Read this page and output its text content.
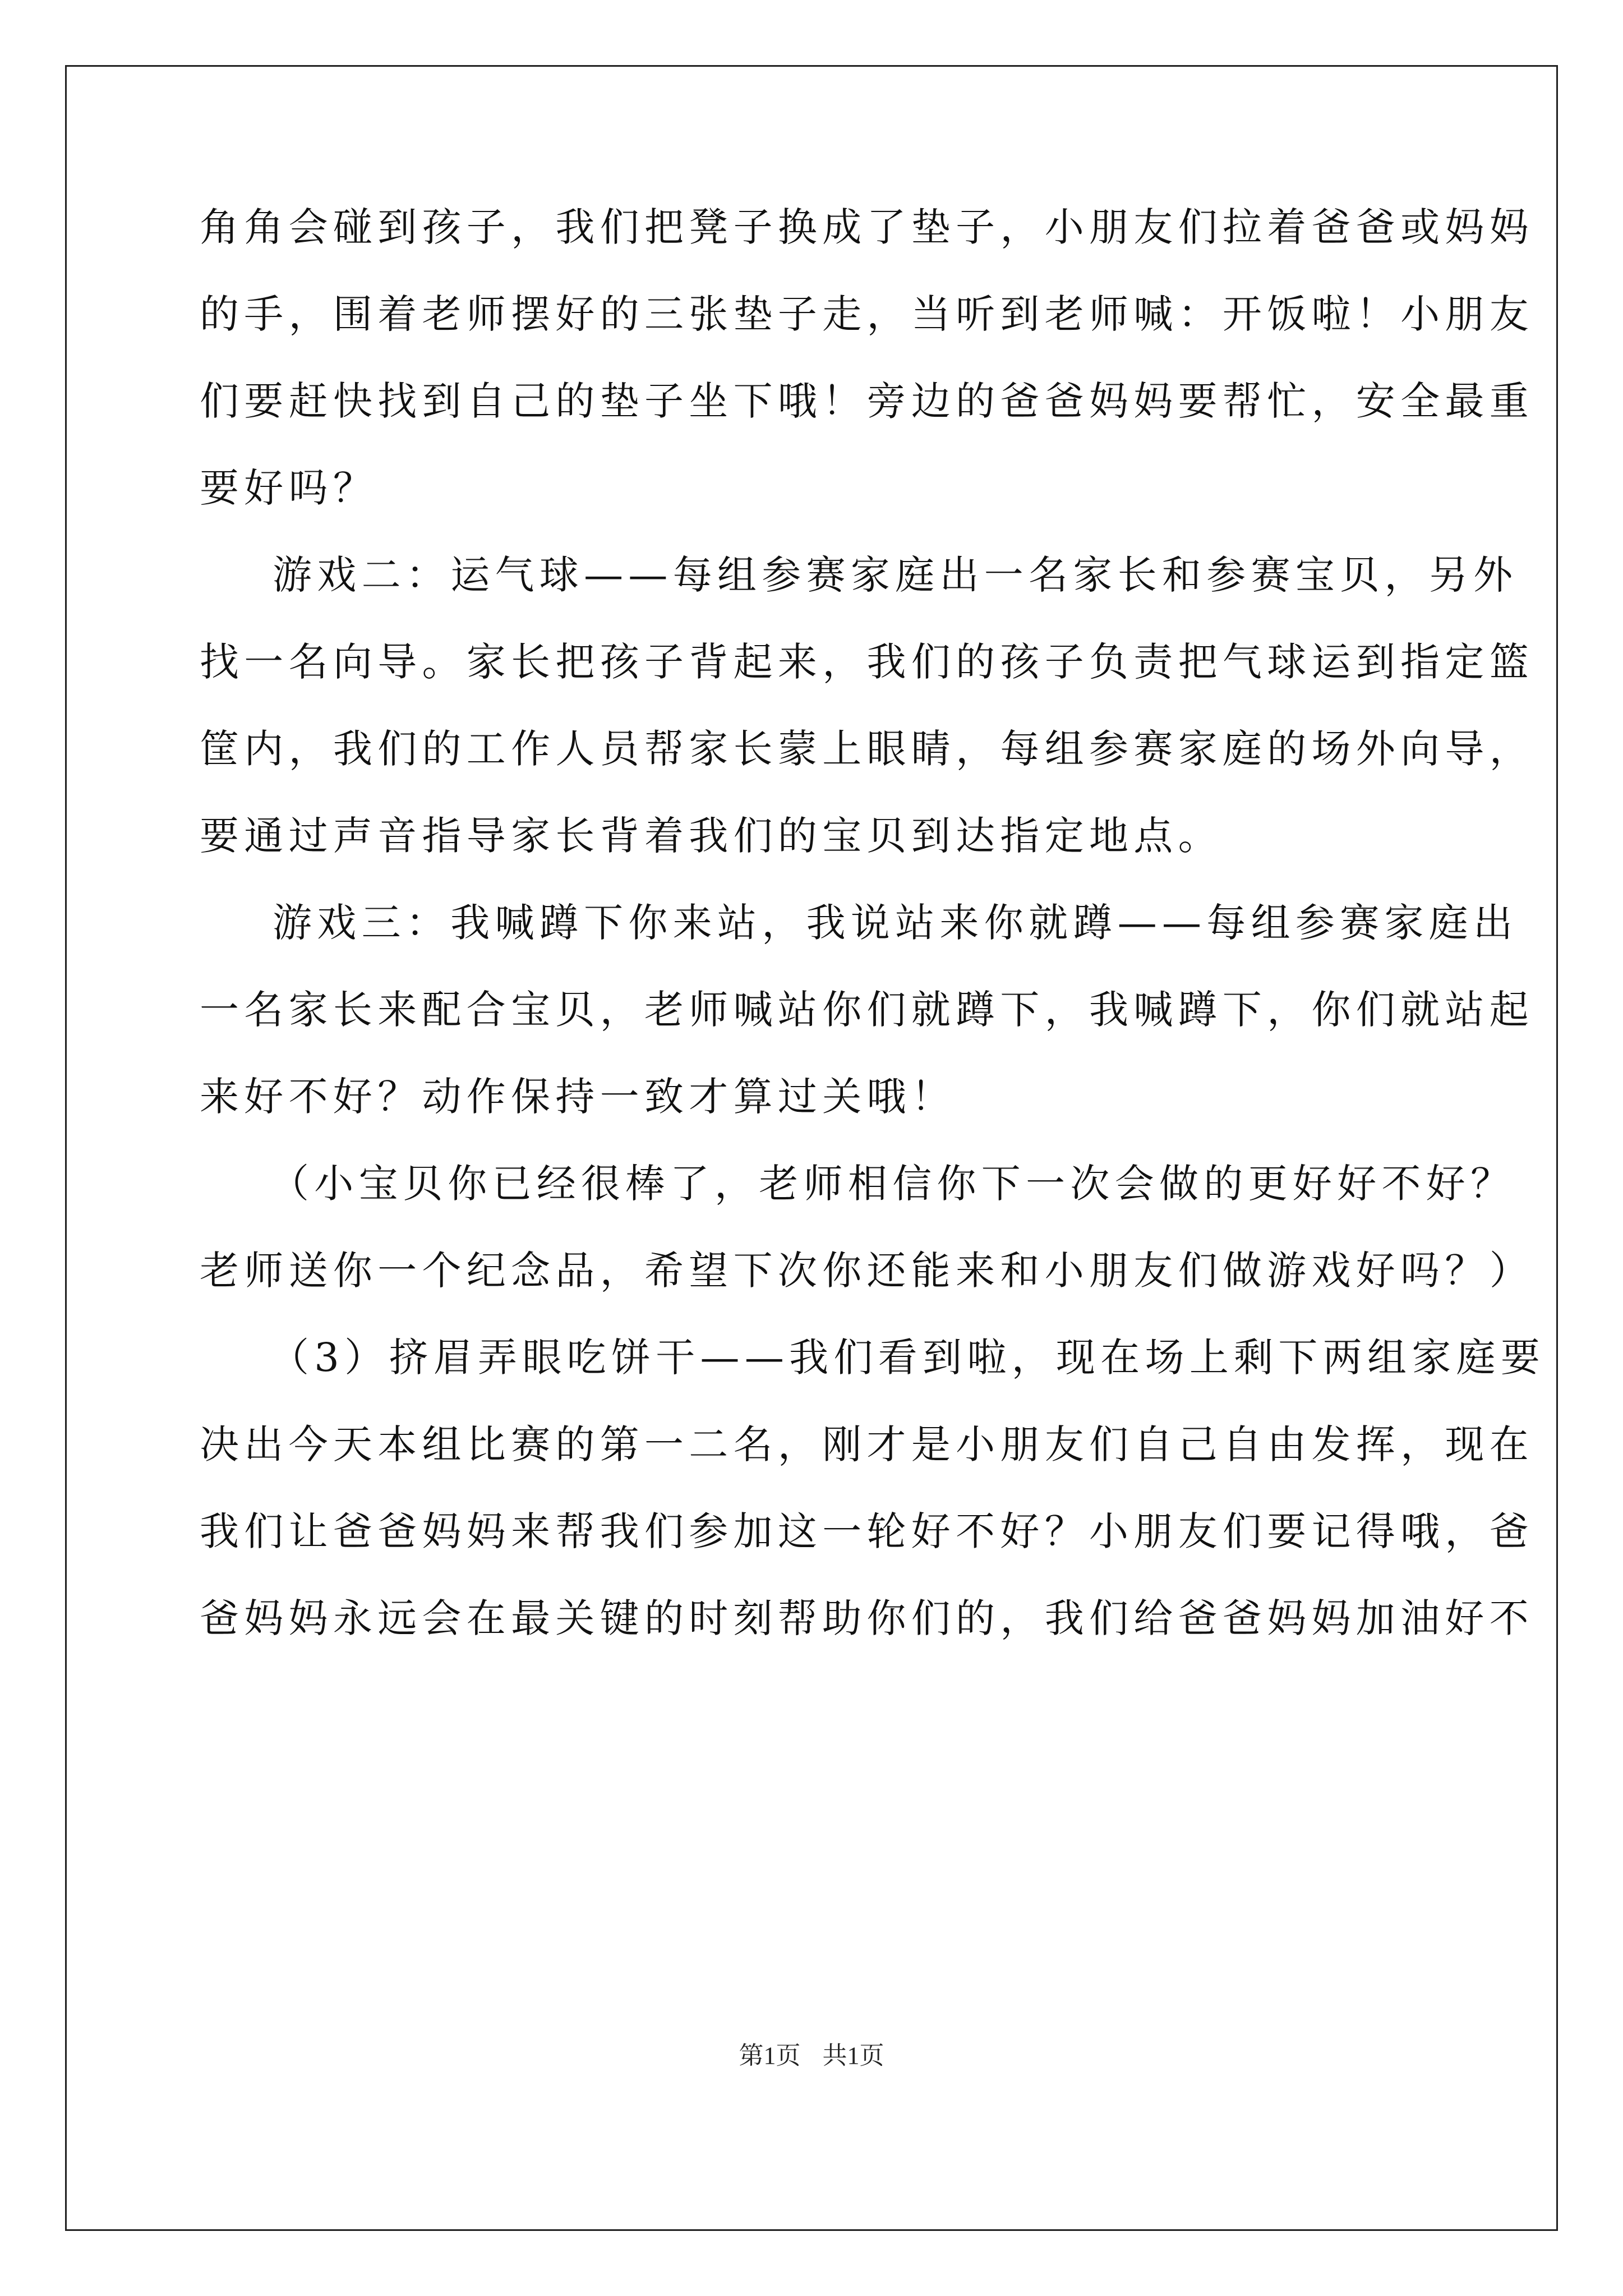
角角会碰到孩子，我们把凳子换成了垫子，小朋友们拉着爸爸或妈妈
的手，围着老师摆好的三张垫子走，当听到老师喊：开饭啦！小朋友
们要赶快找到自己的垫子坐下哦！旁边的爸爸妈妈要帮忙，安全最重
要好吗？
游戏二：运气球——每组参赛家庭出一名家长和参赛宝贝，另外
找一名向导。家长把孩子背起来，我们的孩子负责把气球运到指定篮
筐内，我们的工作人员帮家长蒙上眼睛，每组参赛家庭的场外向导，
要通过声音指导家长背着我们的宝贝到达指定地点。
游戏三：我喊蹲下你来站，我说站来你就蹲——每组参赛家庭出
一名家长来配合宝贝，老师喊站你们就蹲下，我喊蹲下，你们就站起
来好不好？动作保持一致才算过关哦！
（小宝贝你已经很棒了，老师相信你下一次会做的更好好不好？
老师送你一个纪念品，希望下次你还能来和小朋友们做游戏好吗？）
（3）挤眉弄眼吃饼干——我们看到啦，现在场上剩下两组家庭要
决出今天本组比赛的第一二名，刚才是小朋友们自己自由发挥，现在
我们让爸爸妈妈来帮我们参加这一轮好不好？小朋友们要记得哦，爸
爸妈妈永远会在最关键的时刻帮助你们的，我们给爸爸妈妈加油好不
第1页 共1页
